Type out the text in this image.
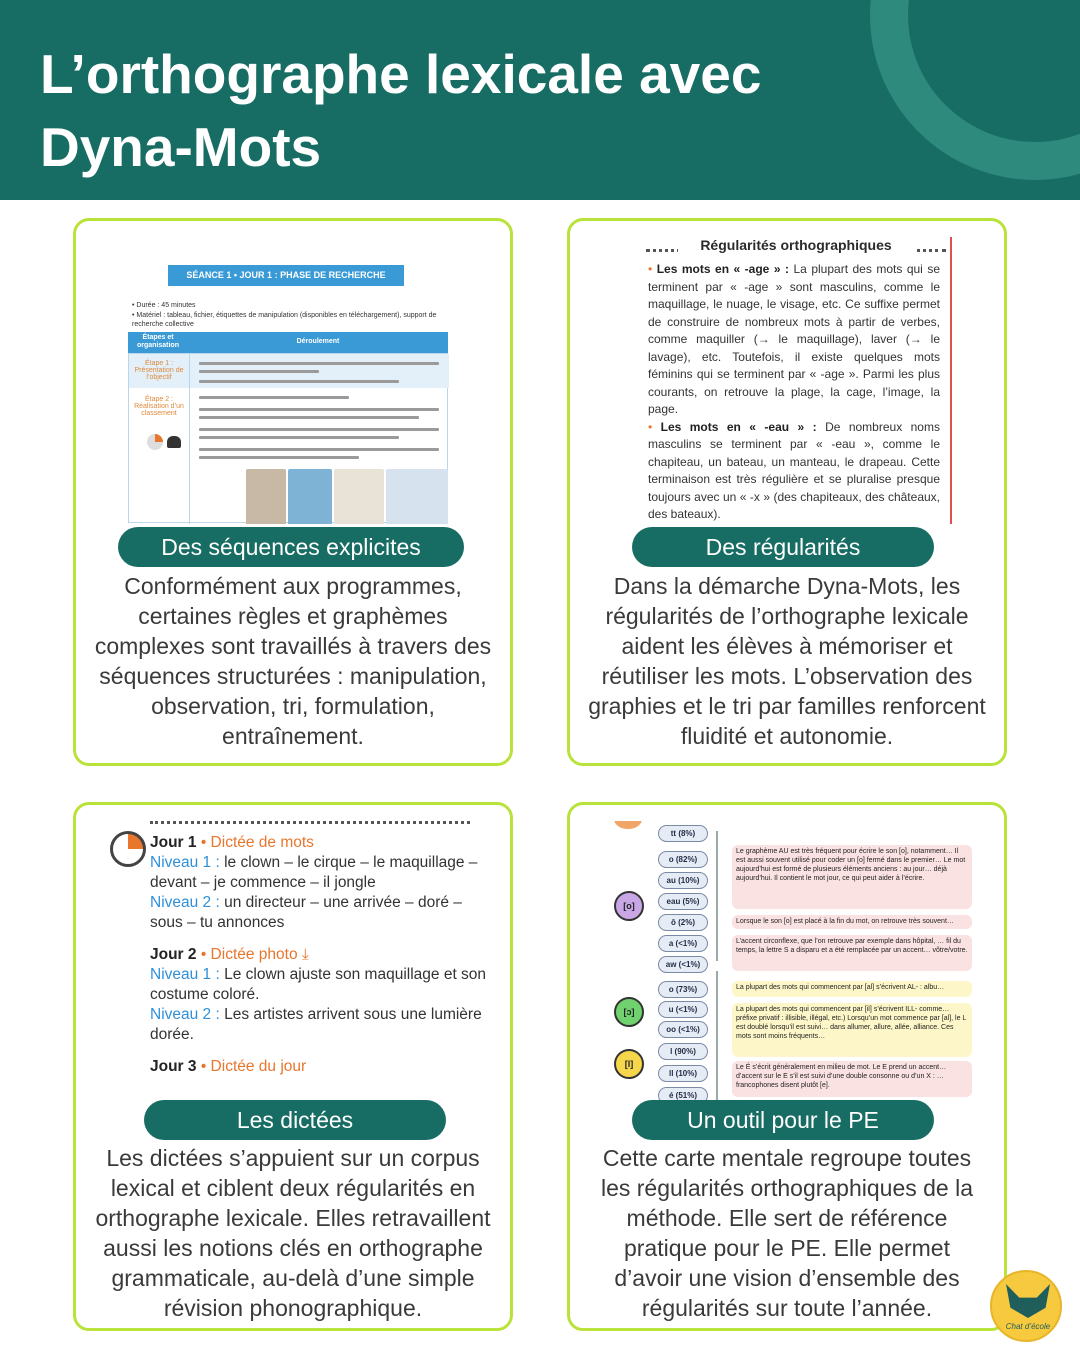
L’orthographe lexicale avec Dyna-Mots
SÉANCE 1 • JOUR 1 : PHASE DE RECHERCHE
• Durée : 45 minutes
• Matériel : tableau, fichier, étiquettes de manipulation (disponibles en téléchargement), support de recherche collective
Étapes et organisation
Déroulement
Étape 1 : Présentation de l’objectif
Étape 2 : Réalisation d’un classement
Des séquences explicites
Conformément aux programmes, certaines règles et graphèmes complexes sont travaillés à travers des séquences structurées : manipulation, observation, tri, formulation, entraînement.
Régularités orthographiques
• Les mots en « -age » : La plupart des mots qui se terminent par « -age » sont masculins, comme le maquillage, le nuage, le visage, etc. Ce suffixe permet de construire de nombreux mots à partir de verbes, comme maquiller (→ le maquillage), laver (→ le lavage), etc. Toutefois, il existe quelques mots féminins qui se terminent par « -age ». Parmi les plus courants, on retrouve la plage, la cage, l’image, la page.
• Les mots en « -eau » : De nombreux noms masculins se terminent par « -eau », comme le chapiteau, un bateau, un manteau, le drapeau. Cette terminaison est très régulière et se pluralise presque toujours avec un « -x » (des chapiteaux, des châteaux, des bateaux).
Des régularités
Dans la démarche Dyna-Mots, les régularités de l’orthographe lexicale aident les élèves à mémoriser et réutiliser les mots. L’observation des graphies et le tri par familles renforcent fluidité et autonomie.
Jour 1 • Dictée de mots
Niveau 1 : le clown – le cirque – le maquillage –
devant – je commence – il jongle
Niveau 2 : un directeur – une arrivée – doré –
sous – tu annonces
Jour 2 • Dictée photo ⤓
Niveau 1 : Le clown ajuste son maquillage et son
costume coloré.
Niveau 2 : Les artistes arrivent sous une lumière
dorée.
Jour 3 • Dictée du jour
Les dictées
Les dictées s’appuient sur un corpus lexical et ciblent deux régularités en orthographe lexicale. Elles retravaillent aussi les notions clés en orthographe grammaticale, au-delà d’une simple révision phonographique.
[o]
[ɔ]
[l]
tt (8%)
o (82%)
au (10%)
eau (5%)
ô (2%)
a (<1%)
aw (<1%)
o (73%)
u (<1%)
oo (<1%)
l (90%)
ll (10%)
é (51%)
Le graphème AU est très fréquent pour écrire le son [o], notamment… Il est aussi souvent utilisé pour coder un [o] fermé dans le premier… Le mot aujourd’hui est formé de plusieurs éléments anciens : au jour… déjà aujourd’hui. Il contient le mot jour, ce qui peut aider à l’écrire.
Lorsque le son [o] est placé à la fin du mot, on retrouve très souvent…
L’accent circonflexe, que l’on retrouve par exemple dans hôpital, … fil du temps, la lettre S a disparu et a été remplacée par un accent… vôtre/votre.
La plupart des mots qui commencent par [al] s’écrivent AL- : albu…
La plupart des mots qui commencent par [il] s’écrivent ILL- comme… préfixe privatif : illisible, illégal, etc.) Lorsqu’un mot commence par [al], le L est doublé lorsqu’il est suivi… dans allumer, allure, allée, alliance. Ces mots sont moins fréquents…
Le É s’écrit généralement en milieu de mot. Le E prend un accent… d’accent sur le E s’il est suivi d’une double consonne ou d’un X : … francophones disent plutôt [e].
Un outil pour le PE
Cette carte mentale regroupe toutes les régularités orthographiques de la méthode. Elle sert de référence pratique pour le PE. Elle permet d’avoir une vision d’ensemble des régularités sur toute l’année.
Chat d’école
